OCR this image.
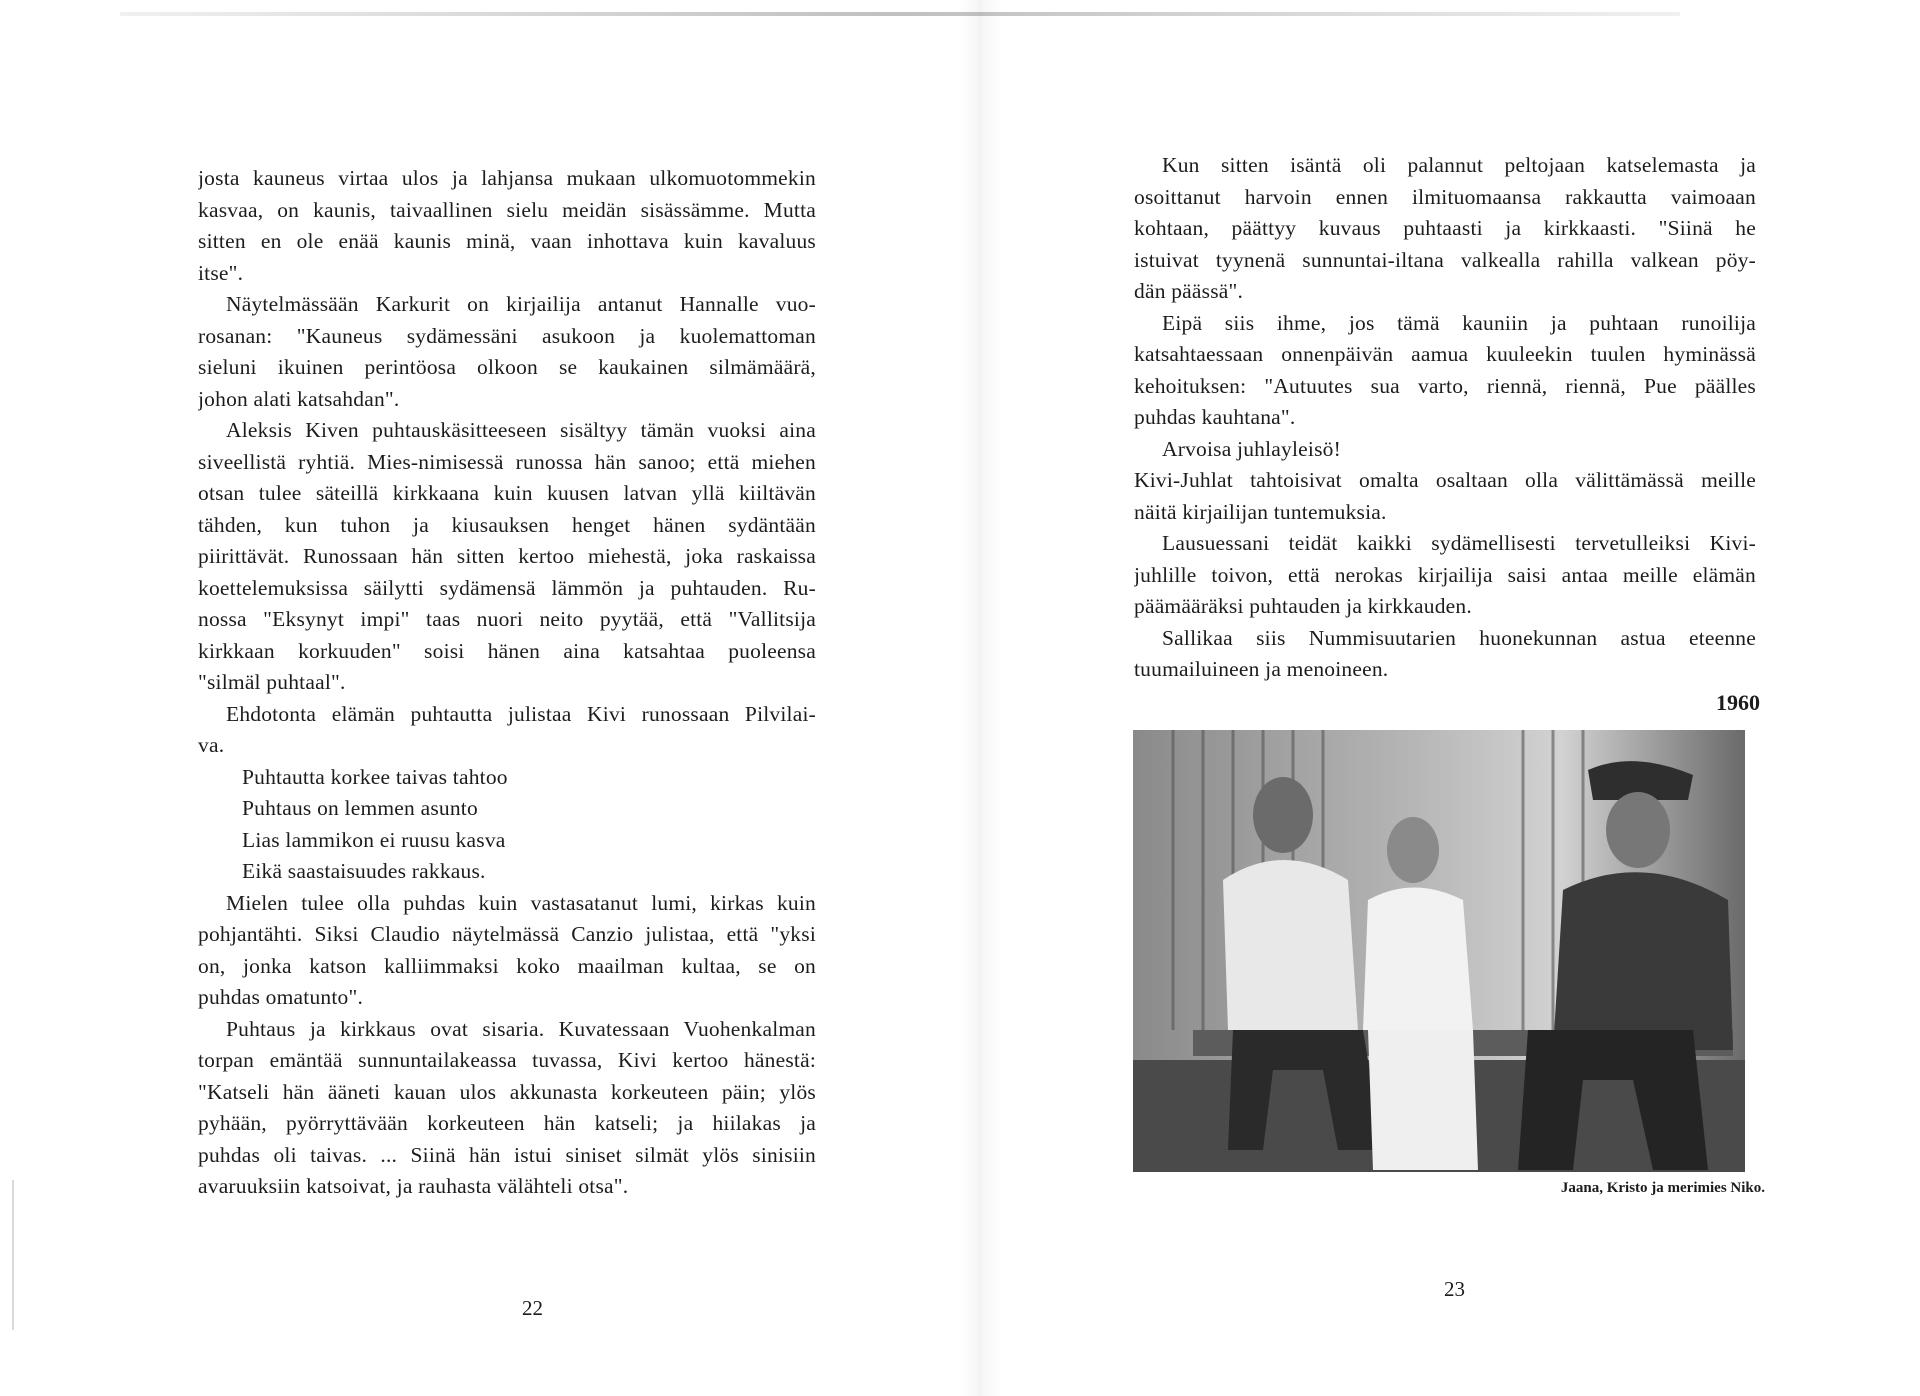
josta kauneus virtaa ulos ja lahjansa mukaan ulkomuotommekin
kasvaa, on kaunis, taivaallinen sielu meidän sisässämme. Mutta
sitten en ole enää kaunis minä, vaan inhottava kuin kavaluus
itse".
Näytelmässään Karkurit on kirjailija antanut Hannalle vuo-
rosanan: "Kauneus sydämessäni asukoon ja kuolemattoman
sieluni ikuinen perintöosa olkoon se kaukainen silmämäärä,
johon alati katsahdan".
Aleksis Kiven puhtauskäsitteeseen sisältyy tämän vuoksi aina
siveellistä ryhtiä. Mies-nimisessä runossa hän sanoo; että miehen
otsan tulee säteillä kirkkaana kuin kuusen latvan yllä kiiltävän
tähden, kun tuhon ja kiusauksen henget hänen sydäntään
piirittävät. Runossaan hän sitten kertoo miehestä, joka raskaissa
koettelemuksissa säilytti sydämensä lämmön ja puhtauden. Ru-
nossa "Eksynyt impi" taas nuori neito pyytää, että "Vallitsija
kirkkaan korkuuden" soisi hänen aina katsahtaa puoleensa
"silmäl puhtaal".
Ehdotonta elämän puhtautta julistaa Kivi runossaan Pilvilai-
va.
Puhtautta korkee taivas tahtoo
Puhtaus on lemmen asunto
Lias lammikon ei ruusu kasva
Eikä saastaisuudes rakkaus.
Mielen tulee olla puhdas kuin vastasatanut lumi, kirkas kuin
pohjantähti. Siksi Claudio näytelmässä Canzio julistaa, että "yksi
on, jonka katson kalliimmaksi koko maailman kultaa, se on
puhdas omatunto".
Puhtaus ja kirkkaus ovat sisaria. Kuvatessaan Vuohenkalman
torpan emäntää sunnuntailakeassa tuvassa, Kivi kertoo hänestä:
"Katseli hän ääneti kauan ulos akkunasta korkeuteen päin; ylös
pyhään, pyörryttävään korkeuteen hän katseli; ja hiilakas ja
puhdas oli taivas. ... Siinä hän istui siniset silmät ylös sinisiin
avaruuksiin katsoivat, ja rauhasta välähteli otsa".
22
Kun sitten isäntä oli palannut peltojaan katselemasta ja
osoittanut harvoin ennen ilmituomaansa rakkautta vaimoaan
kohtaan, päättyy kuvaus puhtaasti ja kirkkaasti. "Siinä he
istuivat tyynenä sunnuntai-iltana valkealla rahilla valkean pöy-
dän päässä".
Eipä siis ihme, jos tämä kauniin ja puhtaan runoilija
katsahtaessaan onnenpäivän aamua kuuleekin tuulen hyminässä
kehoituksen: "Autuutes sua varto, riennä, riennä, Pue päälles
puhdas kauhtana".
Arvoisa juhlayleisö!
Kivi-Juhlat tahtoisivat omalta osaltaan olla välittämässä meille
näitä kirjailijan tuntemuksia.
Lausuessani teidät kaikki sydämellisesti tervetulleiksi Kivi-
juhlille toivon, että nerokas kirjailija saisi antaa meille elämän
päämääräksi puhtauden ja kirkkauden.
Sallikaa siis Nummisuutarien huonekunnan astua eteenne
tuumailuineen ja menoineen.
1960
Jaana, Kristo ja merimies Niko.
23
